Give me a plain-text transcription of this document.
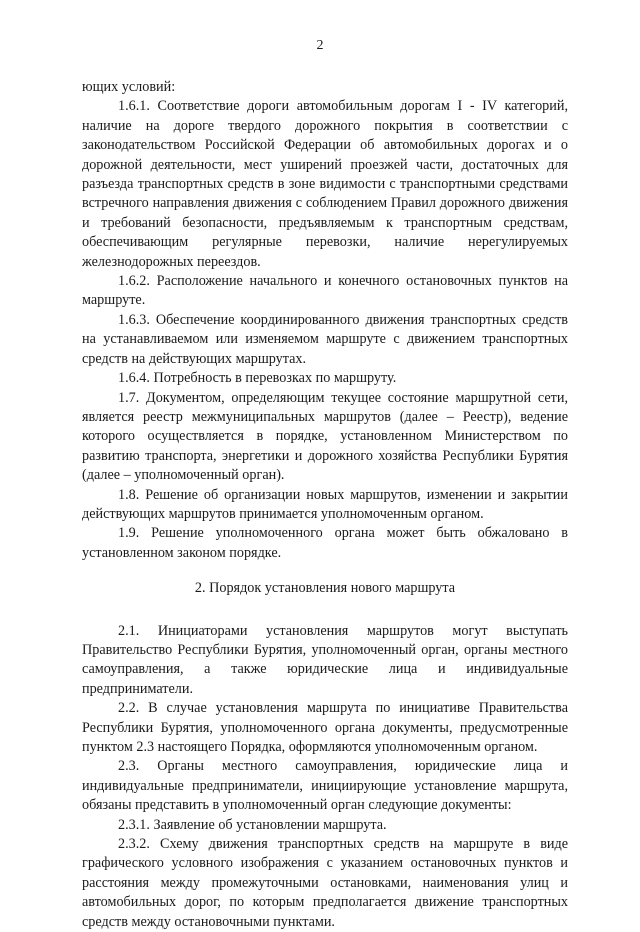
2

ющих условий:

1.6.1. Соответствие дороги автомобильным дорогам I - IV категорий, наличие на дороге твердого дорожного покрытия в соответствии с законодательством Российской Федерации об автомобильных дорогах и о дорожной деятельности, мест уширений проезжей части, достаточных для разъезда транспортных средств в зоне видимости с транспортными средствами встречного направления движения с соблюдением Правил дорожного движения и требований безопасности, предъявляемым к транспортным средствам, обеспечивающим регулярные перевозки, наличие нерегулируемых железнодорожных переездов.

1.6.2. Расположение начального и конечного остановочных пунктов на маршруте.

1.6.3. Обеспечение координированного движения транспортных средств на устанавливаемом или изменяемом маршруте с движением транспортных средств на действующих маршрутах.

1.6.4. Потребность в перевозках по маршруту.

1.7. Документом, определяющим текущее состояние маршрутной сети, является реестр межмуниципальных маршрутов (далее – Реестр), ведение которого осуществляется в порядке, установленном Министерством по развитию транспорта, энергетики и дорожного хозяйства Республики Бурятия (далее – уполномоченный орган).

1.8. Решение об организации новых маршрутов, изменении и закрытии действующих маршрутов принимается уполномоченным органом.

1.9. Решение уполномоченного органа может быть обжаловано в установленном законом порядке.

2. Порядок установления нового маршрута

2.1. Инициаторами установления маршрутов могут выступать Правительство Республики Бурятия, уполномоченный орган, органы местного самоуправления, а также юридические лица и индивидуальные предприниматели.

2.2. В случае установления маршрута по инициативе Правительства Республики Бурятия, уполномоченного органа документы, предусмотренные пунктом 2.3 настоящего Порядка, оформляются уполномоченным органом.

2.3. Органы местного самоуправления, юридические лица и индивидуальные предприниматели, инициирующие установление маршрута, обязаны представить в уполномоченный орган следующие документы:

2.3.1. Заявление об установлении маршрута.

2.3.2. Схему движения транспортных средств на маршруте в виде графического условного изображения с указанием остановочных пунктов и расстояния между промежуточными остановками, наименования улиц и автомобильных дорог, по которым предполагается движение транспортных средств между остановочными пунктами.
